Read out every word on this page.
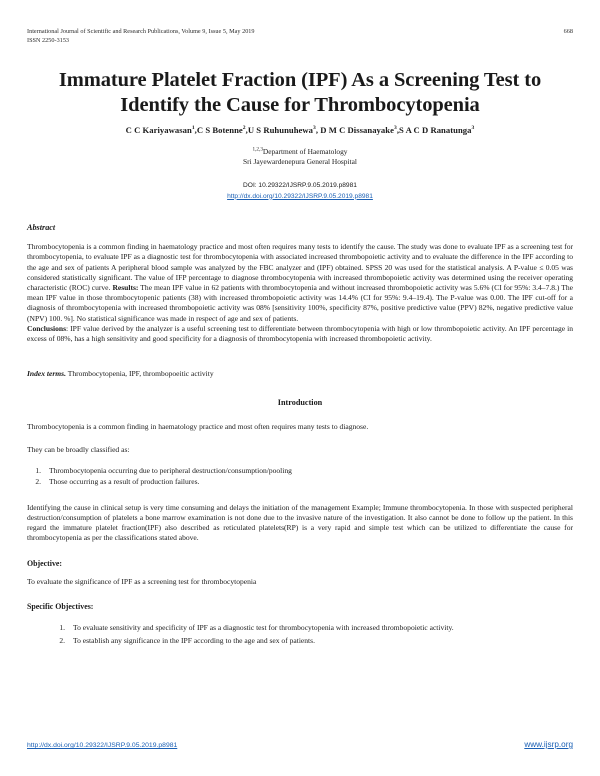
International Journal of Scientific and Research Publications, Volume 9, Issue 5, May 2019
ISSN 2250-3153
668
Immature Platelet Fraction (IPF) As a Screening Test to Identify the Cause for Thrombocytopenia
C C Kariyawasan$^1$,C S Botenne$^2$,U S Ruhunuhewa$^3$, D M C Dissanayake$^3$,S A C D Ranatunga$^3$
$^{1,2,3}$Department of Haematology
Sri Jayewardenepura General Hospital
DOI: 10.29322/IJSRP.9.05.2019.p8981
http://dx.doi.org/10.29322/IJSRP.9.05.2019.p8981
Abstract
Thrombocytopenia is a common finding in haematology practice and most often requires many tests to identify the cause. The study was done to evaluate IPF as a screening test for thrombocytopenia, to evaluate IPF as a diagnostic test for thrombocytopenia with associated increased thrombopoietic activity and to evaluate the difference in the IPF according to the age and sex of patients A peripheral blood sample was analyzed by the FBC analyzer and (IPF) obtained. SPSS 20 was used for the statistical analysis. A P-value ≤ 0.05 was considered statistically significant. The value of IFP percentage to diagnose thrombocytopenia with increased thrombopoietic activity was determined using the receiver operating characteristic (ROC) curve. Results: The mean IPF value in 62 patients with thrombocytopenia and without increased thrombopoietic activity was 5.6% (CI for 95%: 3.4–7.8.) The mean IPF value in those thrombocytopenic patients (38) with increased thrombopoietic activity was 14.4% (CI for 95%: 9.4–19.4). The P-value was 0.00. The IPF cut-off for a diagnosis of thrombocytopenia with increased thrombopoietic activity was 08% [sensitivity 100%, specificity 87%, positive predictive value (PPV) 82%, negative predictive value (NPV) 100. %]. No statistical significance was made in respect of age and sex of patients.
Conclusions: IPF value derived by the analyzer is a useful screening test to differentiate between thrombocytopenia with high or low thrombopoietic activity. An IPF percentage in excess of 08%, has a high sensitivity and good specificity for a diagnosis of thrombocytopenia with increased thrombopoietic activity.
Index terms. Thrombocytopenia, IPF, thrombopoeitic activity
Introduction
Thrombocytopenia is a common finding in haematology practice and most often requires many tests to diagnose.
They can be broadly classified as:
1. Thrombocytopenia occurring due to peripheral destruction/consumption/pooling
2. Those occurring as a result of production failures.
Identifying the cause in clinical setup is very time consuming and delays the initiation of the management Example; Immune thrombocytopenia. In those with suspected peripheral destruction/consumption of platelets a bone marrow examination is not done due to the invasive nature of the investigation. It also cannot be done to follow up the patient. In this regard the immature platelet fraction(IPF) also described as reticulated platelets(RP) is a very rapid and simple test which can be utilized to differentiate the cause for thrombocytopenia as per the classifications stated above.
Objective:
To evaluate the significance of IPF as a screening test for thrombocytopenia
Specific Objectives:
1. To evaluate sensitivity and specificity of IPF as a diagnostic test for thrombocytopenia with increased thrombopoietic activity.
2. To establish any significance in the IPF according to the age and sex of patients.
http://dx.doi.org/10.29322/IJSRP.9.05.2019.p8981	www.ijsrp.org
